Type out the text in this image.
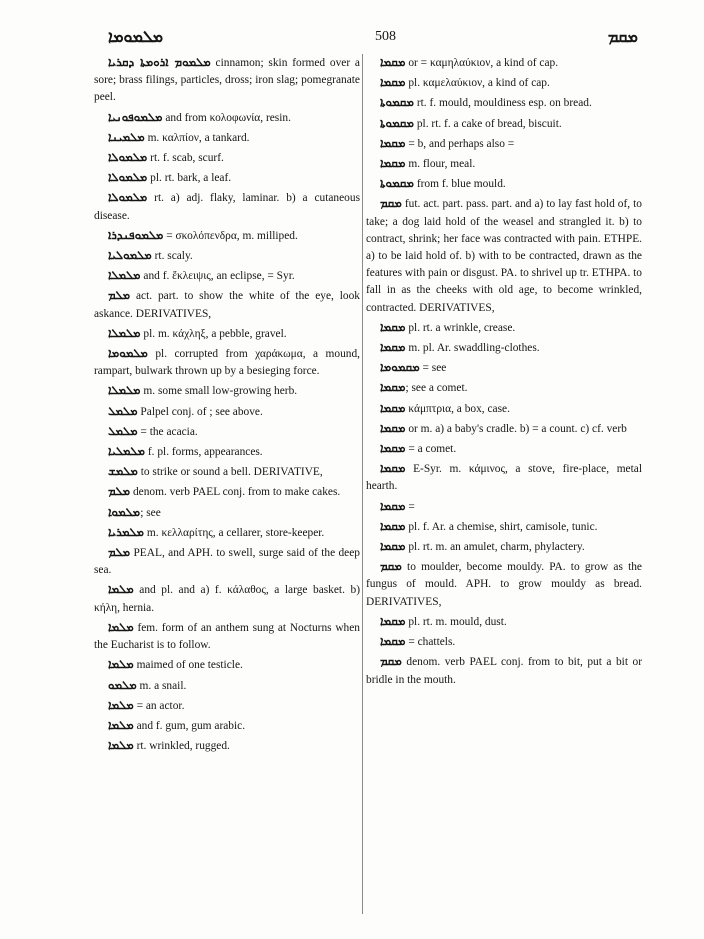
ܡܠܡܘܡܐ	508	ܡܩܡ

ܡܠܡܘܡ ܐܪܘܡܬܐ ܕܩܪܝܐ cinnamon; skin formed over a sore; brass filings, particles, dross; iron slag; pomegranate peel.

ܡܠܡܘܦܘܢܝܐ and from κολοφωνία, resin.

ܡܠܡܝܢܐ m. καλπίον, a tankard.

ܡܠܡܘܠܐ rt. f. scab, scurf.

ܡܠܡܘܠܐ pl. rt. bark, a leaf.

ܡܠܡܘܠܐ rt. a) adj. flaky, laminar. b) a cutaneous disease.

ܡܠܡܘܦܢܕܪܐ = σκολόπενδρα, m. milliped.

ܡܠܡܘܠܝܐ rt. scaly.

ܡܠܡܠܐ and f. ἔκλειψις, an eclipse, = Syr.

ܡܠܡ act. part. to show the white of the eye, look askance. DERIVATIVES,

ܡܠܡܠܐ pl. m. κάχληξ, a pebble, gravel.

ܡܠܡܘܡܐ pl. corrupted from χαράκωμα, a mound, rampart, bulwark thrown up by a besieging force.

ܡܠܡܠܐ m. some small low-growing herb.

ܡܠܡܠ Palpel conj. of ; see above.

ܡܠܡܠ = the acacia.

ܡܠܡܠܝܐ f. pl. forms, appearances.

ܡܠܡܫ to strike or sound a bell. DERIVATIVE,

ܡܠܡ denom. verb PAEL conj. from to make cakes.

ܡܠܡܘܐ; see

ܡܠܡܪܝܐ m. κελλαρίτης, a cellarer, store-keeper.

ܡܠܡ PEAL, and APH. to swell, surge said of the deep sea.

ܡܠܡܐ and pl. and a) f. κάλαθος, a large basket. b) κήλη, hernia.

ܡܠܡܐ fem. form of an anthem sung at Nocturns when the Eucharist is to follow.

ܡܠܡܐ maimed of one testicle.

ܡܠܡܘ m. a snail.

ܡܠܡܐ = an actor.

ܡܠܡܐ and f. gum, gum arabic.

ܡܠܡܐ rt. wrinkled, rugged.

ܡܩܡܐ or = καμηλαύκιον, a kind of cap.

ܡܩܡܐ pl. καμελαύκιον, a kind of cap.

ܡܩܡܘܬܐ rt. f. mould, mouldiness esp. on bread.

ܡܩܡܘܬܐ pl. rt. f. a cake of bread, biscuit.

ܡܩܡܐ = b, and perhaps also =

ܡܩܡܐ m. flour, meal.

ܡܩܡܘܬܐ from f. blue mould.

ܡܩܡ fut. act. part. pass. part. and a) to lay fast hold of, to take; a dog laid hold of the weasel and strangled it. b) to contract, shrink; her face was contracted with pain. ETHPE. a) to be laid hold of. b) with to be contracted, drawn as the features with pain or disgust. PA. to shrivel up tr. ETHPA. to fall in as the cheeks with old age, to become wrinkled, contracted. DERIVATIVES,

ܡܩܡܐ pl. rt. a wrinkle, crease.

ܡܩܡܐ m. pl. Ar. swaddling-clothes.

ܡܩܡܘܡܐ = see

ܡܩܡܐ; see a comet.

ܡܩܡܐ κάμπτρια, a box, case.

ܡܩܡܐ or m. a) a baby's cradle. b) = a count. c) cf. verb

ܡܩܡܐ = a comet.

ܡܩܡܐ E-Syr. m. κάμινος, a stove, fire-place, metal hearth.

ܡܩܡܐ =

ܡܩܡܐ pl. f. Ar. a chemise, shirt, camisole, tunic.

ܡܩܡܐ pl. rt. m. an amulet, charm, phylactery.

ܡܩܡ to moulder, become mouldy. PA. to grow as the fungus of mould. APH. to grow mouldy as bread. DERIVATIVES,

ܡܩܡܐ pl. rt. m. mould, dust.

ܡܩܡܐ = chattels.

ܡܩܡ denom. verb PAEL conj. from to bit, put a bit or bridle in the mouth.
